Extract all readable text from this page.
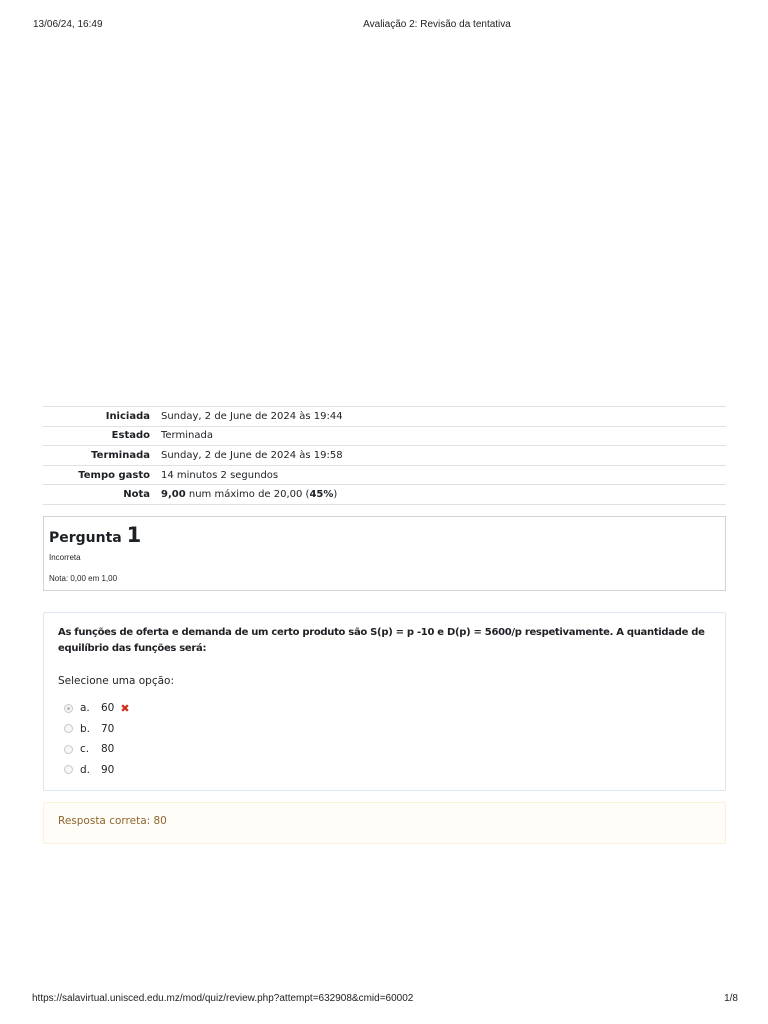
13/06/24, 16:49	Avaliação 2: Revisão da tentativa
Iniciada Sunday, 2 de June de 2024 às 19:44
Estado Terminada
Terminada Sunday, 2 de June de 2024 às 19:58
Tempo gasto 14 minutos 2 segundos
Nota 9,00 num máximo de 20,00 (45%)
Pergunta 1
Incorreta
Nota: 0,00 em 1,00
As funções de oferta e demanda de um certo produto são S(p) = p -10 e D(p) = 5600/p respetivamente. A quantidade de equilíbrio das funções será:
Selecione uma opção:
a.	60 ✖
b.	70
c.	80
d.	90
Resposta correta: 80
https://salavirtual.unisced.edu.mz/mod/quiz/review.php?attempt=632908&cmid=60002	1/8
